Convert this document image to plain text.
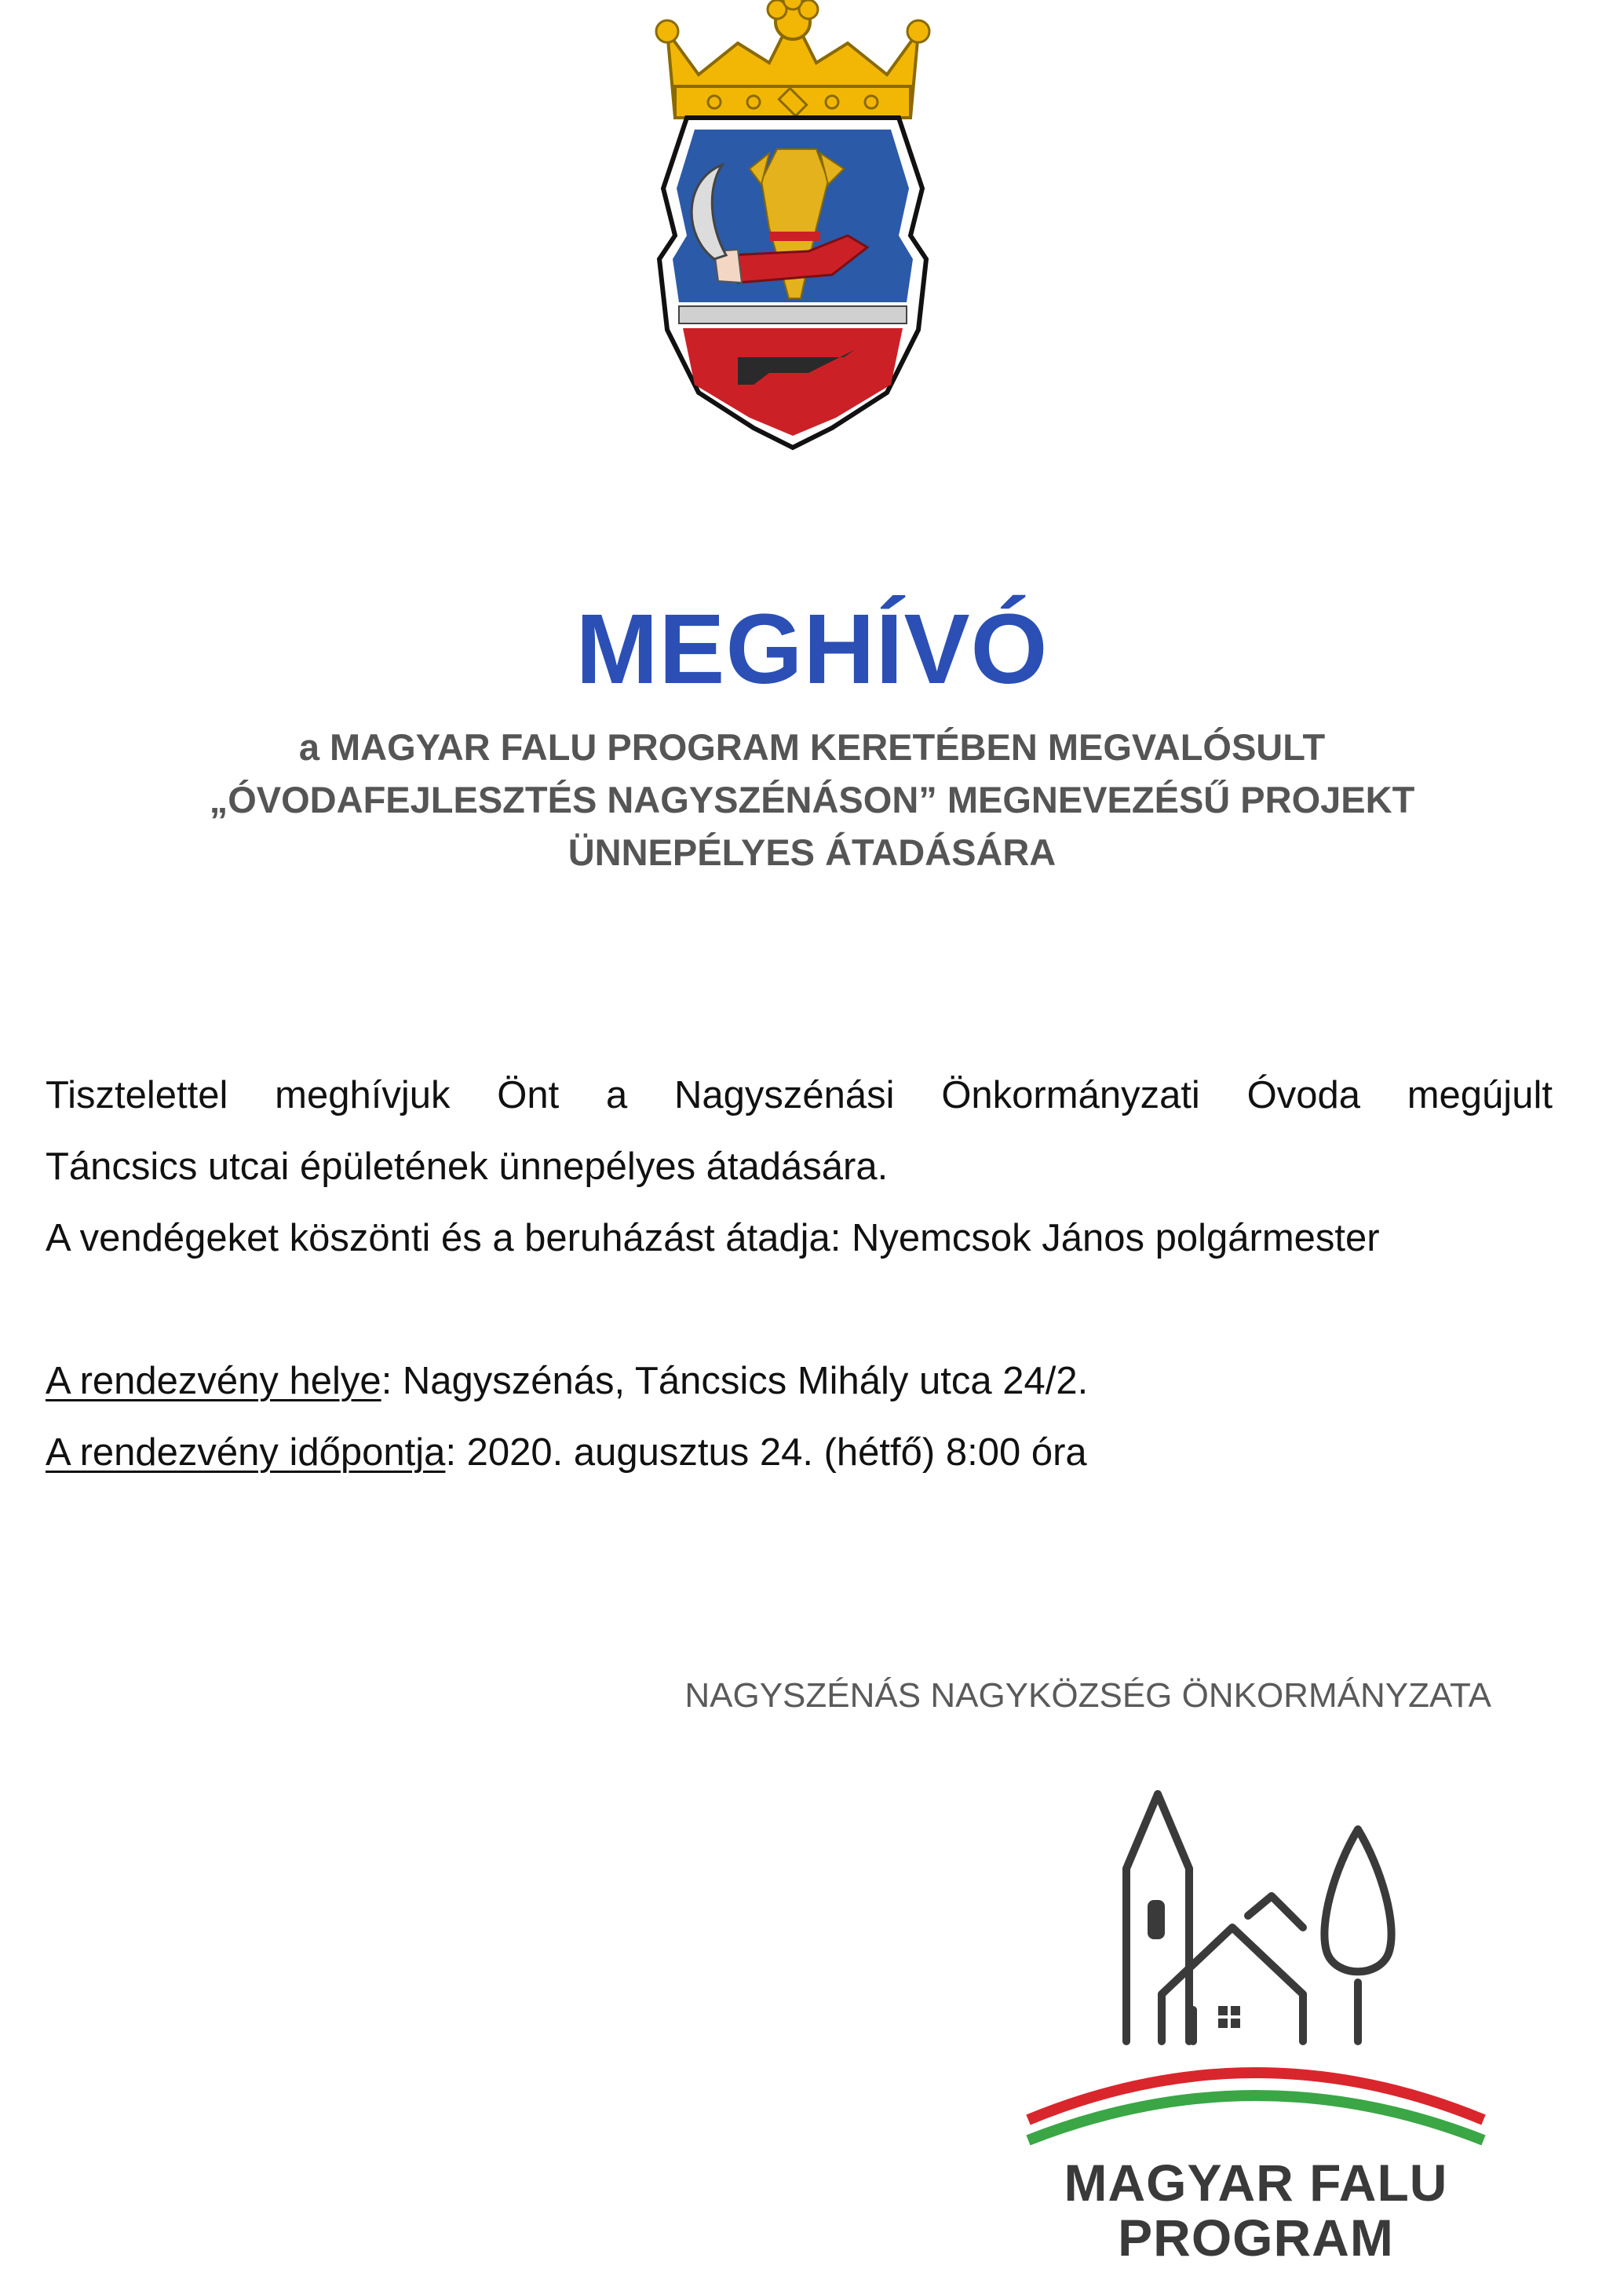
MEGHÍVÓ
a MAGYAR FALU PROGRAM KERETÉBEN MEGVALÓSULT
„ÓVODAFEJLESZTÉS NAGYSZÉNÁSON” MEGNEVEZÉSŰ PROJEKT
ÜNNEPÉLYES ÁTADÁSÁRA
Tisztelettel meghívjuk Önt a Nagyszénási Önkormányzati Óvoda megújult
Táncsics utcai épületének ünnepélyes átadására.
A vendégeket köszönti és a beruházást átadja: Nyemcsok János polgármester
A rendezvény helye: Nagyszénás, Táncsics Mihály utca 24/2.
A rendezvény időpontja: 2020. augusztus 24. (hétfő) 8:00 óra
NAGYSZÉNÁS NAGYKÖZSÉG ÖNKORMÁNYZATA
MAGYAR FALU
PROGRAM
